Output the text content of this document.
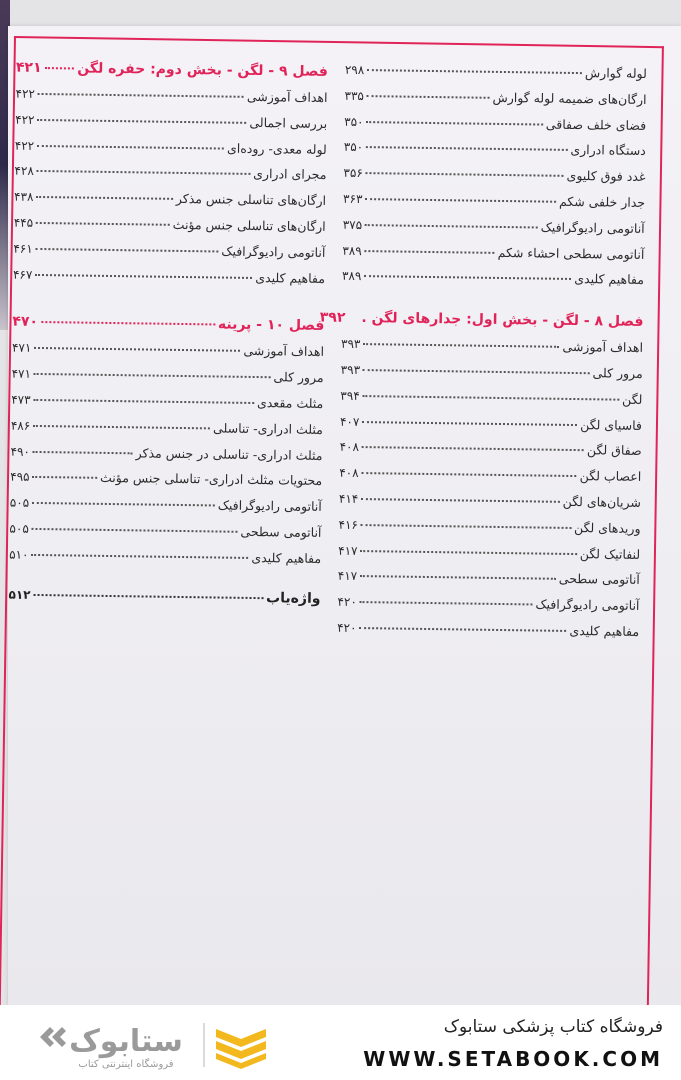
لوله گوارش
۲۹۸
ارگان‌های ضمیمه لوله گوارش
۳۳۵
فضای خلف صفاقی
۳۵۰
دستگاه ادراری
۳۵۰
غدد فوق کلیوی
۳۵۶
جدار خلفی شکم
۳۶۳
آناتومی رادیوگرافیک
۳۷۵
آناتومی سطحی احشاء شکم
۳۸۹
مفاهیم کلیدی
۳۸۹
فصل ۸ - لگن - بخش اول: جدارهای لگن .
۳۹۲
اهداف آموزشی
۳۹۳
مرور کلی
۳۹۳
لگن
۳۹۴
فاسیای لگن
۴۰۷
صفاق لگن
۴۰۸
اعصاب لگن
۴۰۸
شریان‌های لگن
۴۱۴
وریدهای لگن
۴۱۶
لنفاتیک لگن
۴۱۷
آناتومی سطحی
۴۱۷
آناتومی رادیوگرافیک
۴۲۰
مفاهیم کلیدی
۴۲۰
فصل ۹ - لگن - بخش دوم: حفره لگن
۴۲۱
اهداف آموزشی
۴۲۲
بررسی اجمالی
۴۲۲
لوله معدی- روده‌ای
۴۲۲
مجرای ادراری
۴۲۸
ارگان‌های تناسلی جنس مذکر
۴۳۸
ارگان‌های تناسلی جنس مؤنث
۴۴۵
آناتومی رادیوگرافیک
۴۶۱
مفاهیم کلیدی
۴۶۷
فصل ۱۰ - پرینه
۴۷۰
اهداف آموزشی
۴۷۱
مرور کلی
۴۷۱
مثلث مقعدی
۴۷۳
مثلث ادراری- تناسلی
۴۸۶
مثلث ادراری- تناسلی در جنس مذکر
۴۹۰
محتویات مثلث ادراری- تناسلی جنس مؤنث
۴۹۵
آناتومی رادیوگرافیک
۵۰۵
آناتومی سطحی
۵۰۵
مفاهیم کلیدی
۵۱۰
واژه‌یاب
۵۱۲
ستابوک
فروشگاه اینترنتی کتاب
فروشگاه کتاب پزشکی ستابوک
WWW.SETABOOK.COM
